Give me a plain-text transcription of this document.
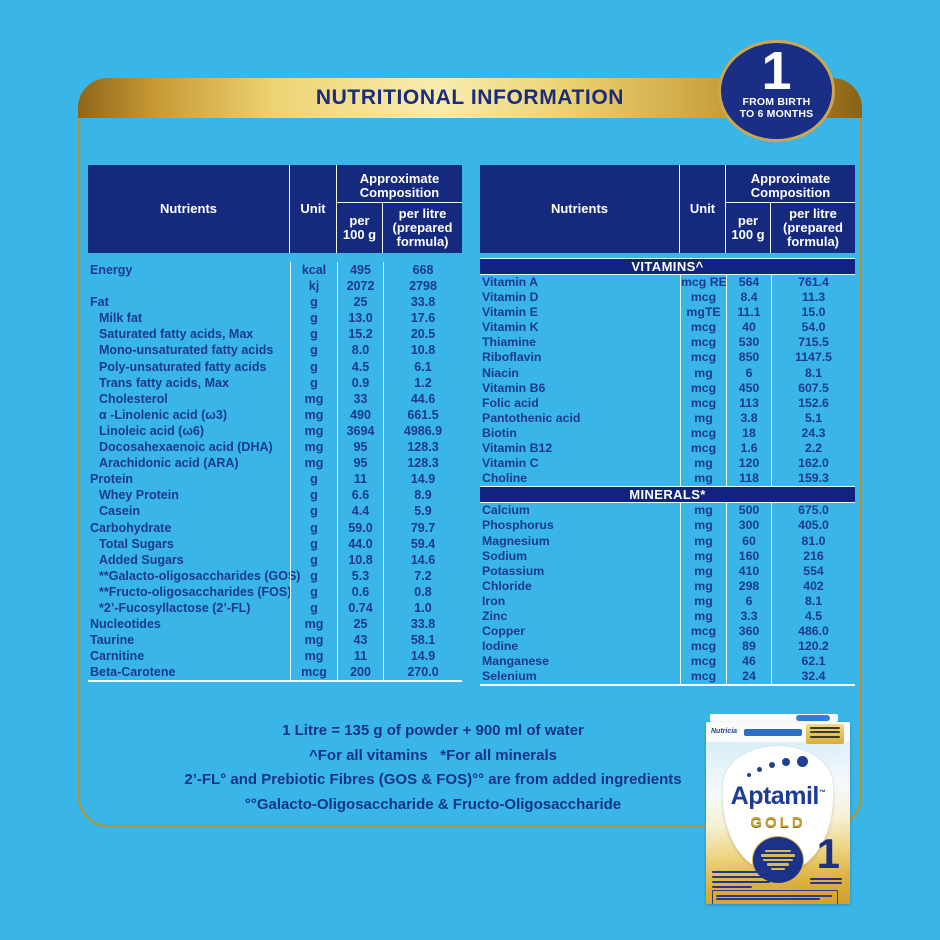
NUTRITIONAL INFORMATION	1
FROM BIRTH
TO 6 MONTHS
Nutrients	Unit
Approximate Composition
per 100 g
per litre (prepared formula)
Energy	kcal	495	668
kj	2072	2798
Fat	g	25	33.8
Milk fat	g	13.0	17.6
Saturated fatty acids, Max	g	15.2	20.5
Mono-unsaturated fatty acids	g	8.0	10.8
Poly-unsaturated fatty acids	g	4.5	6.1
Trans fatty acids, Max	g	0.9	1.2
Cholesterol	mg	33	44.6
α -Linolenic acid (ω3)	mg	490	661.5
Linoleic acid (ω6)	mg	3694	4986.9
Docosahexaenoic acid (DHA)	mg	95	128.3
Arachidonic acid (ARA)	mg	95	128.3
Protein	g	11	14.9
Whey Protein	g	6.6	8.9
Casein	g	4.4	5.9
Carbohydrate	g	59.0	79.7
Total Sugars	g	44.0	59.4
Added Sugars	g	10.8	14.6
**Galacto-oligosaccharides (GOS) g	5.3	7.2
**Fructo-oligosaccharides (FOS)	g	0.6	0.8
*2’-Fucosyllactose (2’-FL)	g	0.74	1.0
Nucleotides	mg	25	33.8
Taurine	mg	43	58.1
Carnitine	mg	11	14.9
Beta-Carotene	mcg	200	270.0
Nutrients	Unit
Approximate Composition
per 100 g
per litre (prepared formula)
VITAMINS^
Vitamin A	mcg RE 564	761.4
Vitamin D	mcg	8.4	11.3
Vitamin E	mgTE	11.1	15.0
Vitamin K	mcg	40	54.0
Thiamine	mcg	530	715.5
Riboflavin	mcg	850	1147.5
Niacin	mg	6	8.1
Vitamin B6	mcg	450	607.5
Folic acid	mcg	113	152.6
Pantothenic acid	mg	3.8	5.1
Biotin	mcg	18	24.3
Vitamin B12	mcg	1.6	2.2
Vitamin C	mg	120	162.0
Choline	mg	118	159.3
MINERALS*
Calcium	mg	500	675.0
Phosphorus	mg	300	405.0
Magnesium	mg	60	81.0
Sodium	mg	160	216
Potassium	mg	410	554
Chloride	mg	298	402
Iron	mg	6	8.1
Zinc	mg	3.3	4.5
Copper	mcg	360	486.0
Iodine	mcg	89	120.2
Manganese	mcg	46	62.1
Selenium	mcg	24	32.4
1 Litre = 135 g of powder + 900 ml of water
^For all vitamins   *For all minerals
2’-FL° and Prebiotic Fibres (GOS & FOS)°° are from added ingredients
°°Galacto-Oligosaccharide & Fructo-Oligosaccharide
Nutricia
Aptamil™
GOLD
1
